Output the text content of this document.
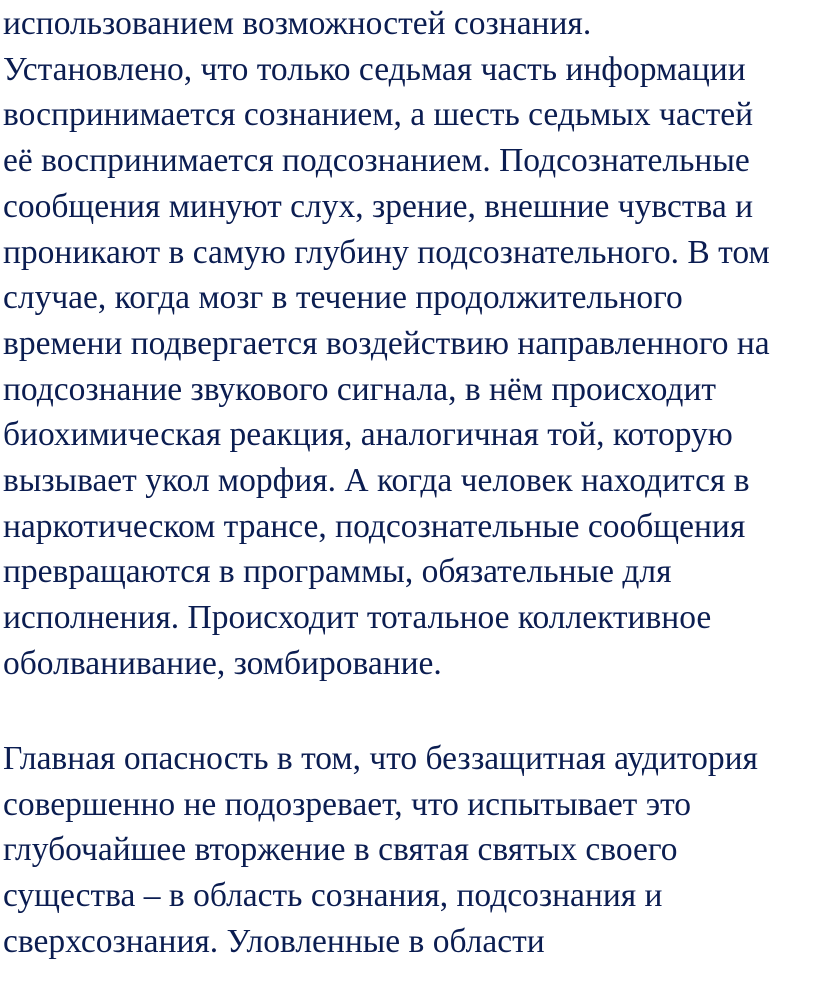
использованием возможностей сознания.
Установлено, что только седьмая часть информации
воспринимается сознанием, а шесть седьмых частей
её воспринимается подсознанием. Подсознательные
сообщения минуют слух, зрение, внешние чувства и
проникают в самую глубину подсознательного. В том
случае, когда мозг в течение продолжительного
времени подвергается воздействию направленного на
подсознание звукового сигнала, в нём происходит
биохимическая реакция, аналогичная той, которую
вызывает укол морфия. А когда человек находится в
наркотическом трансе, подсознательные сообщения
превращаются в программы, обязательные для
исполнения. Происходит тотальное коллективное
оболванивание, зомбирование.
Главная опасность в том, что беззащитная аудитория
совершенно не подозревает, что испытывает это
глубочайшее вторжение в святая святых своего
существа – в область сознания, подсознания и
сверхсознания. Уловленные в области
